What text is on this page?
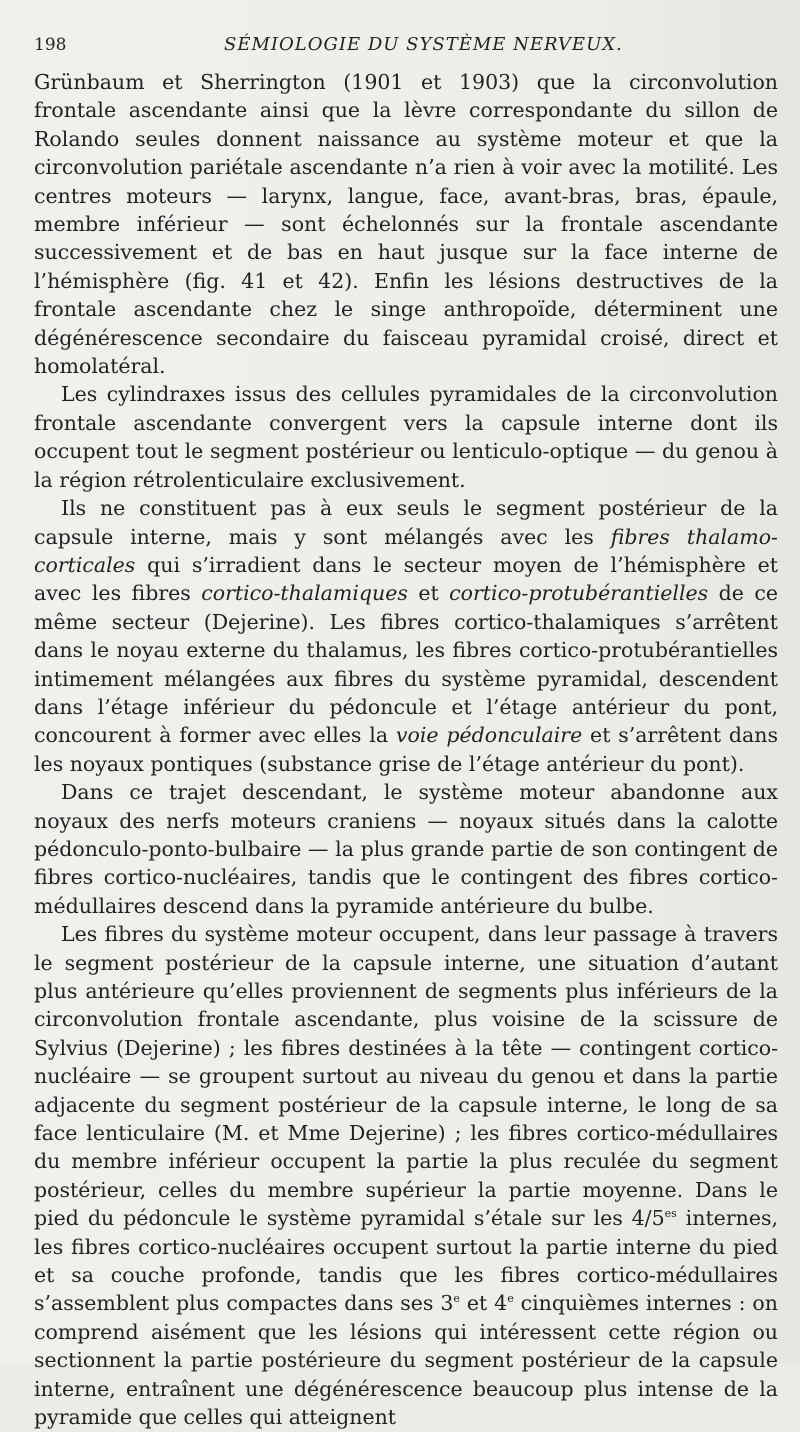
198	SÉMIOLOGIE DU SYSTÈME NERVEUX.

Grünbaum et Sherrington (1901 et 1903) que la circonvolution frontale ascendante ainsi que la lèvre correspondante du sillon de Rolando seules donnent naissance au système moteur et que la circonvolution pariétale ascendante n’a rien à voir avec la motilité. Les centres moteurs — larynx, langue, face, avant-bras, bras, épaule, membre inférieur — sont échelonnés sur la frontale ascendante successivement et de bas en haut jusque sur la face interne de l’hémisphère (fig. 41 et 42). Enfin les lésions destructives de la frontale ascendante chez le singe anthropoïde, déterminent une dégénérescence secondaire du faisceau pyramidal croisé, direct et homolatéral.

Les cylindraxes issus des cellules pyramidales de la circonvolution frontale ascendante convergent vers la capsule interne dont ils occupent tout le segment postérieur ou lenticulo-optique — du genou à la région rétrolenticulaire exclusivement.

Ils ne constituent pas à eux seuls le segment postérieur de la capsule interne, mais y sont mélangés avec les fibres thalamo-corticales qui s’irradient dans le secteur moyen de l’hémisphère et avec les fibres cortico-thalamiques et cortico-protubérantielles de ce même secteur (Dejerine). Les fibres cortico-thalamiques s’arrêtent dans le noyau externe du thalamus, les fibres cortico-protubérantielles intimement mélangées aux fibres du système pyramidal, descendent dans l’étage inférieur du pédoncule et l’étage antérieur du pont, concourent à former avec elles la voie pédonculaire et s’arrêtent dans les noyaux pontiques (substance grise de l’étage antérieur du pont).

Dans ce trajet descendant, le système moteur abandonne aux noyaux des nerfs moteurs craniens — noyaux situés dans la calotte pédonculo-ponto-bulbaire — la plus grande partie de son contingent de fibres cortico-nucléaires, tandis que le contingent des fibres cortico-médullaires descend dans la pyramide antérieure du bulbe.

Les fibres du système moteur occupent, dans leur passage à travers le segment postérieur de la capsule interne, une situation d’autant plus antérieure qu’elles proviennent de segments plus inférieurs de la circonvolution frontale ascendante, plus voisine de la scissure de Sylvius (Dejerine) ; les fibres destinées à la tête — contingent cortico-nucléaire — se groupent surtout au niveau du genou et dans la partie adjacente du segment postérieur de la capsule interne, le long de sa face lenticulaire (M. et Mme Dejerine) ; les fibres cortico-médullaires du membre inférieur occupent la partie la plus reculée du segment postérieur, celles du membre supérieur la partie moyenne. Dans le pied du pédoncule le système pyramidal s’étale sur les $4/5^{es}$ internes, les fibres cortico-nucléaires occupent surtout la partie interne du pied et sa couche profonde, tandis que les fibres cortico-médullaires s’assemblent plus compactes dans ses 3e et 4e cinquièmes internes : on comprend aisément que les lésions qui intéressent cette région ou sectionnent la partie postérieure du segment postérieur de la capsule interne, entraînent une dégénérescence beaucoup plus intense de la pyramide que celles qui atteignent
